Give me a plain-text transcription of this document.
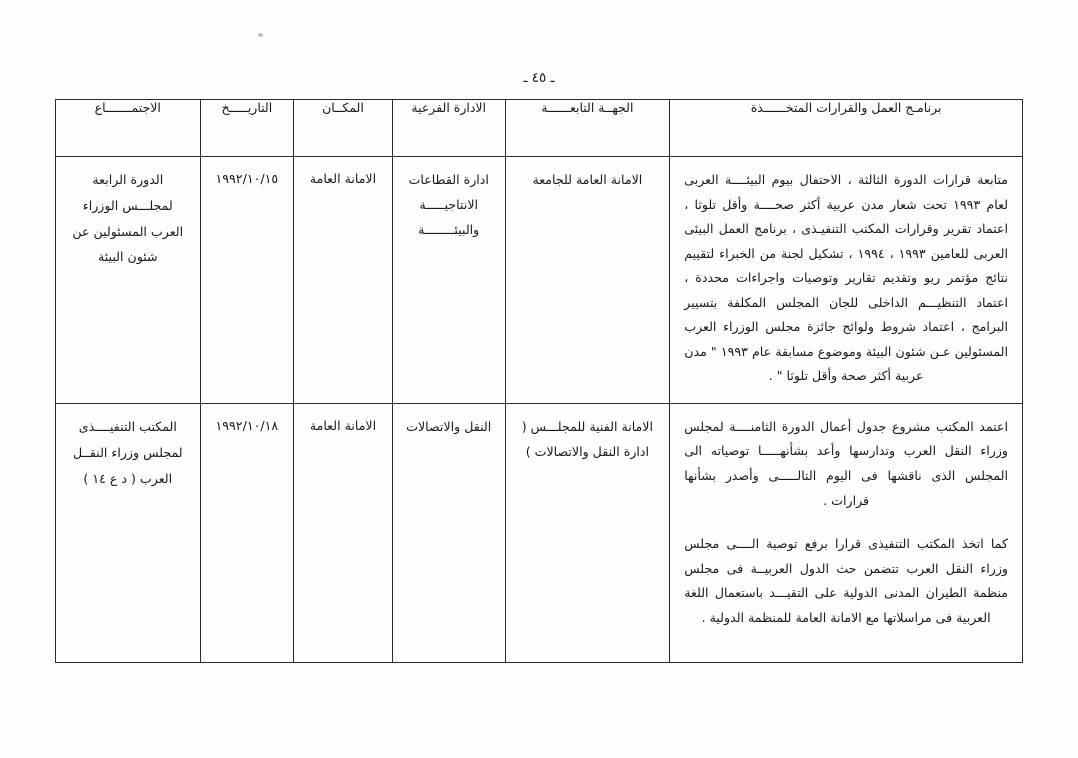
ـ ٤٥ ـ
برنامـج العمل والقرارات المتخــــــذة	الجهــة التابعــــــة	الادارة الفرعية	المكــان	التاريـــــخ	الاجتمـــــــاع

متابعة قرارات الدورة الثالثة ، الاحتفال بيوم البيئــــة العربى لعام ١٩٩٣ تحت شعار مدن عربية أكثر صحــــة وأقل تلوثا ، اعتماد تقرير وقرارات المكتب التنفيـذى ، برنامج العمل البيئى العربى للعامين ١٩٩٣ ، ١٩٩٤ ، تشكيل لجنة من الخبراء لتقييم نتائج مؤتمر ريو وتقديم تقارير وتوصيات واجراءات محددة ، اعتماد التنظيـــم الداخلى للجان المجلس المكلفة بتسيير البرامج ، اعتماد شروط ولوائح جائزة مجلس الوزراء العرب المسئولين عـن شئون البيئة وموضوع مسابقة عام ١٩٩٣ " مدن عربية أكثر صحة وأقل تلوثا " .	الامانة العامة للجامعة	ادارة القطاعات الانتاجيـــــة والبيئــــــــة	الامانة العامة	١٩٩٢/١٠/١٥	الدورة الرابعة لمجلـــس الوزراء العرب المسئولين عن شئون البيئة

اعتمد المكتب مشروع جدول أعمال الدورة الثامنــــة لمجلس وزراء النقل العرب وتدارسها وأعد بشأنهـــــا توصياته الى المجلس الذى ناقشها فى اليوم التالـــــى وأصدر بشأنها قرارات .
كما اتخذ المكتب التنفيذى قرارا برفع توصية الــــى مجلس وزراء النقل العرب تتضمن حث الدول العربيــة فى مجلس منظمة الطيران المدنى الدولية على التقيـــد باستعمال اللغة العربية فى مراسلاتها مع الامانة العامة للمنظمة الدولية .	الامانة الفنية للمجلـــس ( ادارة النقل والاتصالات )	النقل والاتصالات	الامانة العامة	١٩٩٢/١٠/١٨	المكتب التنفيــــذى لمجلس وزراء النقــل العرب ( د ع ١٤ )
